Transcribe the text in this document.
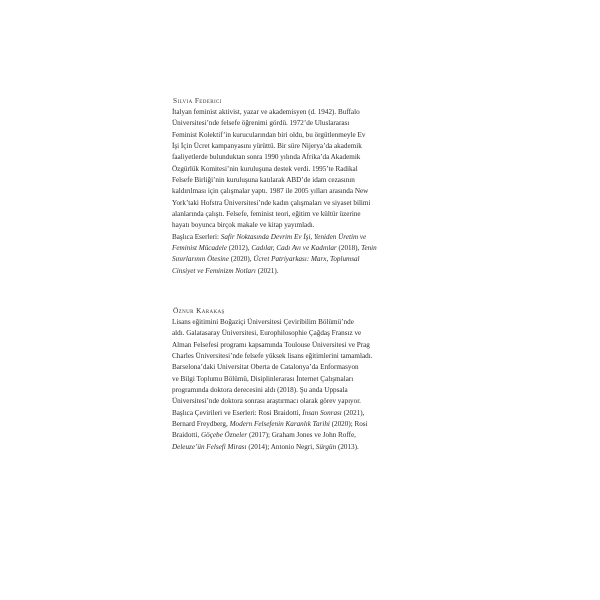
Silvia Federici
İtalyan feminist aktivist, yazar ve akademisyen (d. 1942). Buffalo
Üniversitesi’nde felsefe öğrenimi gördü. 1972’de Uluslararası
Feminist Kolektif’in kurucularından biri oldu, bu örgütlenmeyle Ev
İşi İçin Ücret kampanyasını yürüttü. Bir süre Nijerya’da akademik
faaliyetlerde bulunduktan sonra 1990 yılında Afrika’da Akademik
Özgürlük Komitesi’nin kuruluşuna destek verdi. 1995’te Radikal
Felsefe Birliği’nin kuruluşuna katılarak ABD’de idam cezasının
kaldırılması için çalışmalar yaptı. 1987 ile 2005 yılları arasında New
York’taki Hofstra Üniversitesi’nde kadın çalışmaları ve siyaset bilimi
alanlarında çalıştı. Felsefe, feminist teori, eğitim ve kültür üzerine
hayatı boyunca birçok makale ve kitap yayımladı.
Başlıca Eserleri: Safir Noktasında Devrim Ev İşi, Yeniden Üretim ve
Feminist Mücadele (2012), Cadılar, Cadı Avı ve Kadınlar (2018), Tenin
Sınırlarının Ötesine (2020), Ücret Patriyarkası: Marx, Toplumsal
Cinsiyet ve Feminizm Notları (2021).
Öznur Karakaş
Lisans eğitimini Boğaziçi Üniversitesi Çeviribilim Bölümü’nde
aldı. Galatasaray Üniversitesi, Europhilosophie Çağdaş Fransız ve
Alman Felsefesi programı kapsamında Toulouse Üniversitesi ve Prag
Charles Üniversitesi’nde felsefe yüksek lisans eğitimlerini tamamladı.
Barselona’daki Universitat Oberta de Catalonya’da Enformasyon
ve Bilgi Toplumu Bölümü, Disiplinlerarası İnternet Çalışmaları
programında doktora derecesini aldı (2018). Şu anda Uppsala
Üniversitesi’nde doktora sonrası araştırmacı olarak görev yapıyor.
Başlıca Çevirileri ve Eserleri: Rosi Braidotti, İnsan Sonrası (2021),
Bernard Freydberg, Modern Felsefenin Karanlık Tarihi (2020); Rosi
Braidotti, Göçebe Özneler (2017); Graham Jones ve John Roffe,
Deleuze’ün Felsefi Mirası (2014); Antonio Negri, Sürgün (2013).
